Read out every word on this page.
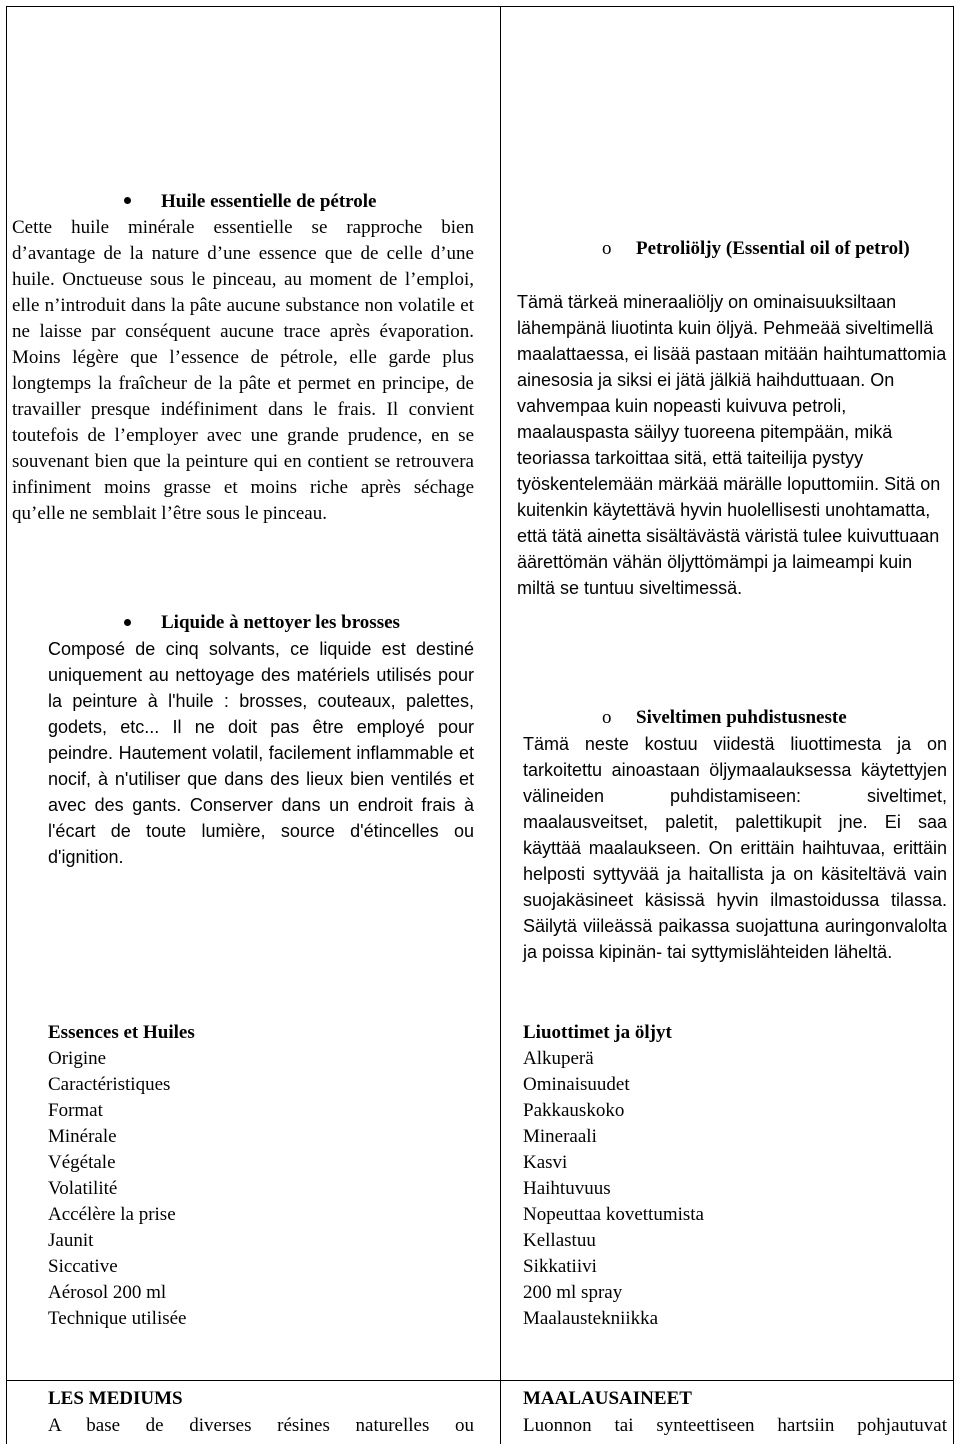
Huile essentielle de pétrole
Cette huile minérale essentielle se rapproche bien d’avantage de la nature d’une essence que de celle d’une huile. Onctueuse sous le pinceau, au moment de l’emploi, elle n’introduit dans la pâte aucune substance non volatile et ne laisse par conséquent aucune trace après évaporation. Moins légère que l’essence de pétrole, elle garde plus longtemps la fraîcheur de la pâte et permet en principe, de travailler presque indéfiniment dans le frais. Il convient toutefois de l’employer avec une grande prudence, en se souvenant bien que la peinture qui en contient se retrouvera infiniment moins grasse et moins riche après séchage qu’elle ne semblait l’être sous le pinceau.
Liquide à nettoyer les brosses
Composé de cinq solvants, ce liquide est destiné uniquement au nettoyage des matériels utilisés pour la peinture à l'huile : brosses, couteaux, palettes, godets, etc... Il ne doit pas être employé pour peindre. Hautement volatil, facilement inflammable et nocif, à n'utiliser que dans des lieux bien ventilés et avec des gants. Conserver dans un endroit frais à l'écart de toute lumière, source d'étincelles ou d'ignition.
Essences et Huiles
Origine
Caractéristiques
Format
Minérale
Végétale
Volatilité
Accélère la prise
Jaunit
Siccative
Aérosol 200 ml
Technique utilisée
LES MEDIUMS
A base de diverses résines naturelles ou
o Petroliöljy (Essential oil of petrol)
Tämä tärkeä mineraaliöljy on ominaisuuksiltaan lähempänä liuotinta kuin öljyä. Pehmeää siveltimellä maalattaessa, ei lisää pastaan mitään haihtumattomia ainesosia ja siksi ei jätä jälkiä haihduttuaan. On vahvempaa kuin nopeasti kuivuva petroli, maalauspasta säilyy tuoreena pitempään, mikä teoriassa tarkoittaa sitä, että taiteilija pystyy työskentelemään märkää märälle loputtomiin. Sitä on kuitenkin käytettävä hyvin huolellisesti unohtamatta, että tätä ainetta sisältävästä väristä tulee kuivuttuaan äärettömän vähän öljyttömämpi ja laimeampi kuin miltä se tuntuu siveltimessä.
o Siveltimen puhdistusneste
Tämä neste kostuu viidestä liuottimesta ja on tarkoitettu ainoastaan öljymaalauksessa käytettyjen välineiden puhdistamiseen: siveltimet, maalausveitset, paletit, palettikupit jne. Ei saa käyttää maalaukseen. On erittäin haihtuvaa, erittäin helposti syttyvää ja haitallista ja on käsiteltävä vain suojakäsineet käsissä hyvin ilmastoidussa tilassa. Säilytä viileässä paikassa suojattuna auringonvalolta ja poissa kipinän- tai syttymislähteiden läheltä.
Liuottimet ja öljyt
Alkuperä
Ominaisuudet
Pakkauskoko
Mineraali
Kasvi
Haihtuvuus
Nopeuttaa kovettumista
Kellastuu
Sikkatiivi
200 ml spray
Maalaustekniikka
MAALAUSAINEET
Luonnon tai synteettiseen hartsiin pohjautuvat
